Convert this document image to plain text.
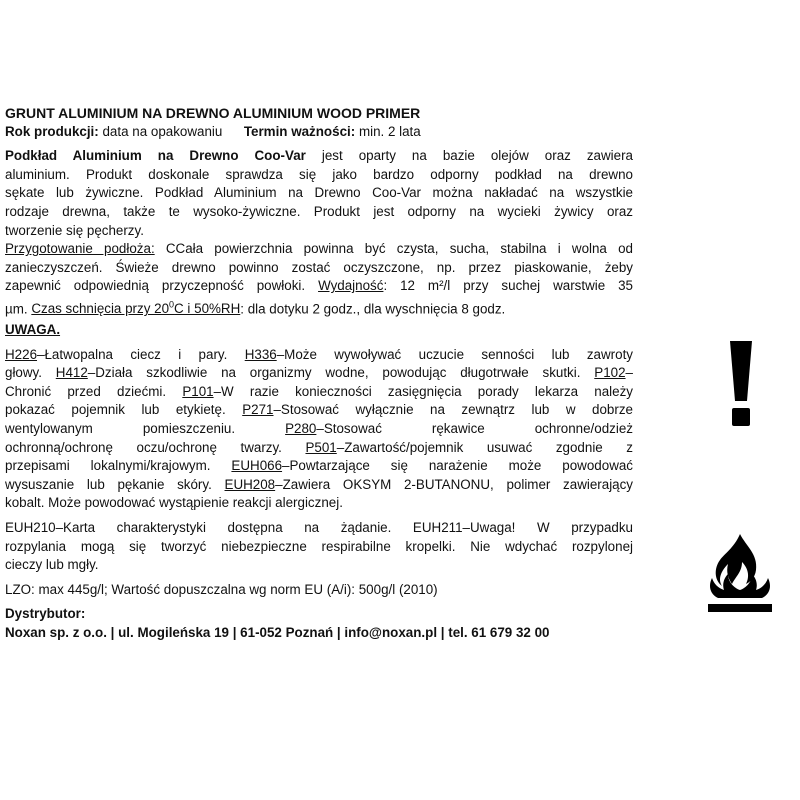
GRUNT ALUMINIUM NA DREWNO ALUMINIUM WOOD PRIMER
Rok produkcji: data na opakowaniu Termin ważności: min. 2 lata
Podkład Aluminium na Drewno Coo-Var jest oparty na bazie olejów oraz zawiera
aluminium. Produkt doskonale sprawdza się jako bardzo odporny podkład na drewno
sękate lub żywiczne. Podkład Aluminium na Drewno Coo-Var można nakładać na wszystkie
rodzaje drewna, także te wysoko-żywiczne. Produkt jest odporny na wycieki żywicy oraz
tworzenie się pęcherzy.
Przygotowanie podłoża: CCała powierzchnia powinna być czysta, sucha, stabilna i wolna od
zanieczyszczeń. Świeże drewno powinno zostać oczyszczone, np. przez piaskowanie, żeby
zapewnić odpowiednią przyczepność powłoki. Wydajność: 12 m²/l przy suchej warstwie 35
µm. Czas schnięcia przy $20^0C$ i 50%RH: dla dotyku 2 godz., dla wyschnięcia 8 godz.
UWAGA.
H226–Łatwopalna ciecz i pary. H336–Może wywoływać uczucie senności lub zawroty
głowy. H412–Działa szkodliwie na organizmy wodne, powodując długotrwałe skutki. P102–
Chronić przed dziećmi. P101–W razie konieczności zasięgnięcia porady lekarza należy
pokazać pojemnik lub etykietę. P271–Stosować wyłącznie na zewnątrz lub w dobrze
wentylowanym pomieszczeniu. P280–Stosować rękawice ochronne/odzież
ochronną/ochronę oczu/ochronę twarzy. P501–Zawartość/pojemnik usuwać zgodnie z
przepisami lokalnymi/krajowym. EUH066–Powtarzające się narażenie może powodować
wysuszanie lub pękanie skóry. EUH208–Zawiera OKSYM 2-BUTANONU, polimer zawierający
kobalt. Może powodować wystąpienie reakcji alergicznej.
EUH210–Karta charakterystyki dostępna na żądanie. EUH211–Uwaga! W przypadku
rozpylania mogą się tworzyć niebezpieczne respirabilne kropelki. Nie wdychać rozpylonej
cieczy lub mgły.
LZO: max 445g/l; Wartość dopuszczalna wg norm EU (A/i): 500g/l (2010)
Dystrybutor:
Noxan sp. z o.o. | ul. Mogileńska 19 | 61-052 Poznań | info@noxan.pl | tel. 61 679 32 00
